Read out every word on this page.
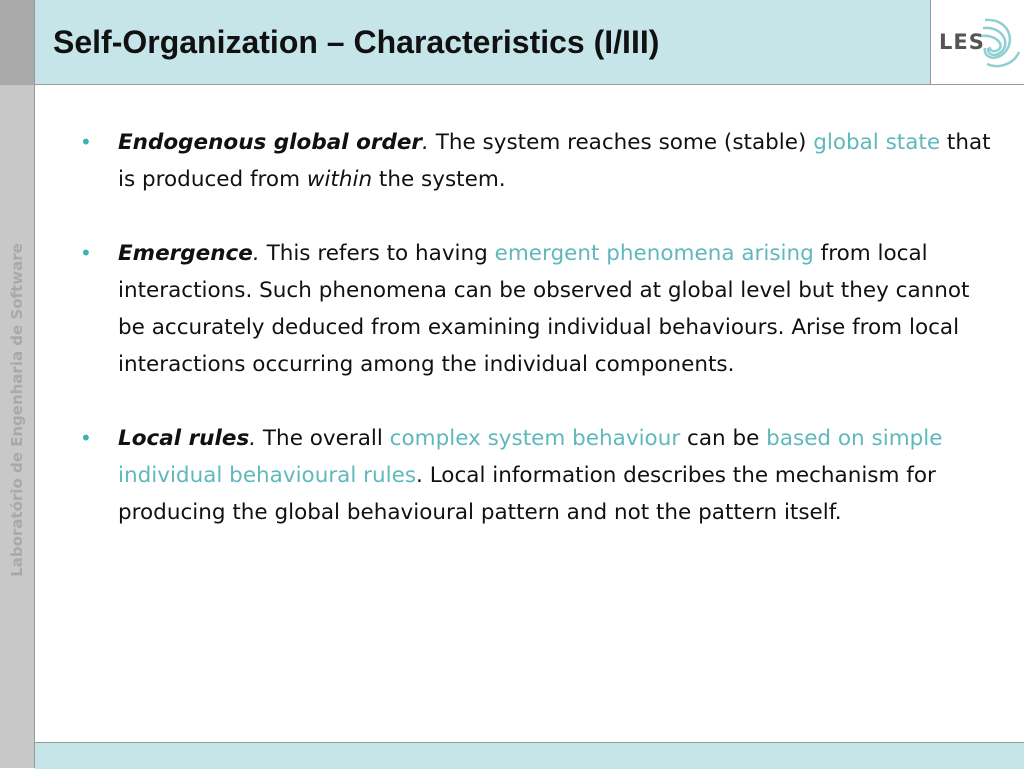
Laboratório de Engenharia de Software
Self-Organization – Characteristics (I/III)	LES
• Endogenous global order. The system reaches some (stable) global state that is produced from within the system.
• Emergence. This refers to having emergent phenomena arising from local interactions. Such phenomena can be observed at global level but they cannot be accurately deduced from examining individual behaviours. Arise from local interactions occurring among the individual components.
• Local rules. The overall complex system behaviour can be based on simple individual behavioural rules. Local information describes the mechanism for producing the global behavioural pattern and not the pattern itself.
